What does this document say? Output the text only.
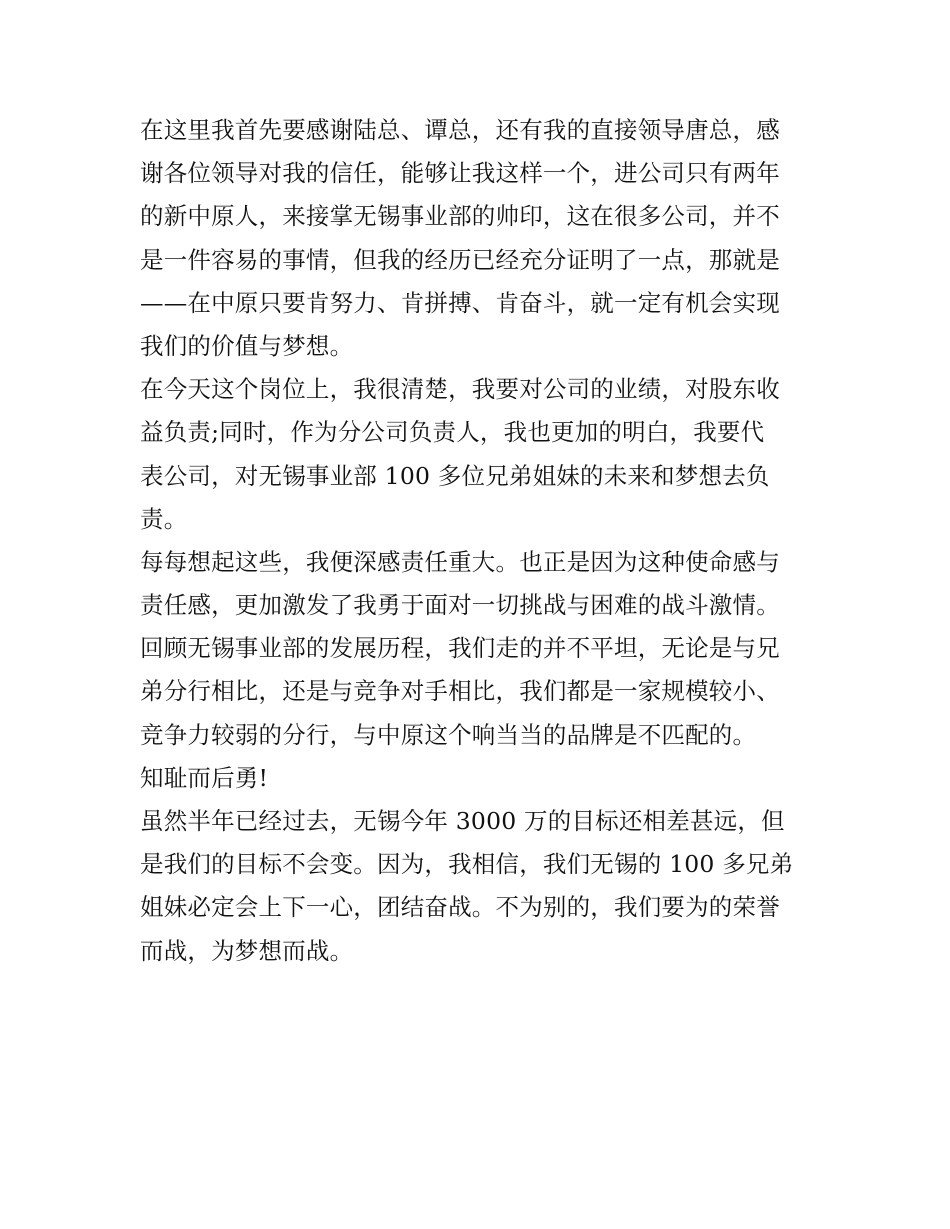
在这里我首先要感谢陆总、谭总，还有我的直接领导唐总，感
谢各位领导对我的信任，能够让我这样一个，进公司只有两年
的新中原人，来接掌无锡事业部的帅印，这在很多公司，并不
是一件容易的事情，但我的经历已经充分证明了一点，那就是
——在中原只要肯努力、肯拼搏、肯奋斗，就一定有机会实现
我们的价值与梦想。
在今天这个岗位上，我很清楚，我要对公司的业绩，对股东收
益负责;同时，作为分公司负责人，我也更加的明白，我要代
表公司，对无锡事业部 100 多位兄弟姐妹的未来和梦想去负
责。
每每想起这些，我便深感责任重大。也正是因为这种使命感与
责任感，更加激发了我勇于面对一切挑战与困难的战斗激情。
回顾无锡事业部的发展历程，我们走的并不平坦，无论是与兄
弟分行相比，还是与竞争对手相比，我们都是一家规模较小、
竞争力较弱的分行，与中原这个响当当的品牌是不匹配的。
知耻而后勇!
虽然半年已经过去，无锡今年 3000 万的目标还相差甚远，但
是我们的目标不会变。因为，我相信，我们无锡的 100 多兄弟
姐妹必定会上下一心，团结奋战。不为别的，我们要为的荣誉
而战，为梦想而战。
